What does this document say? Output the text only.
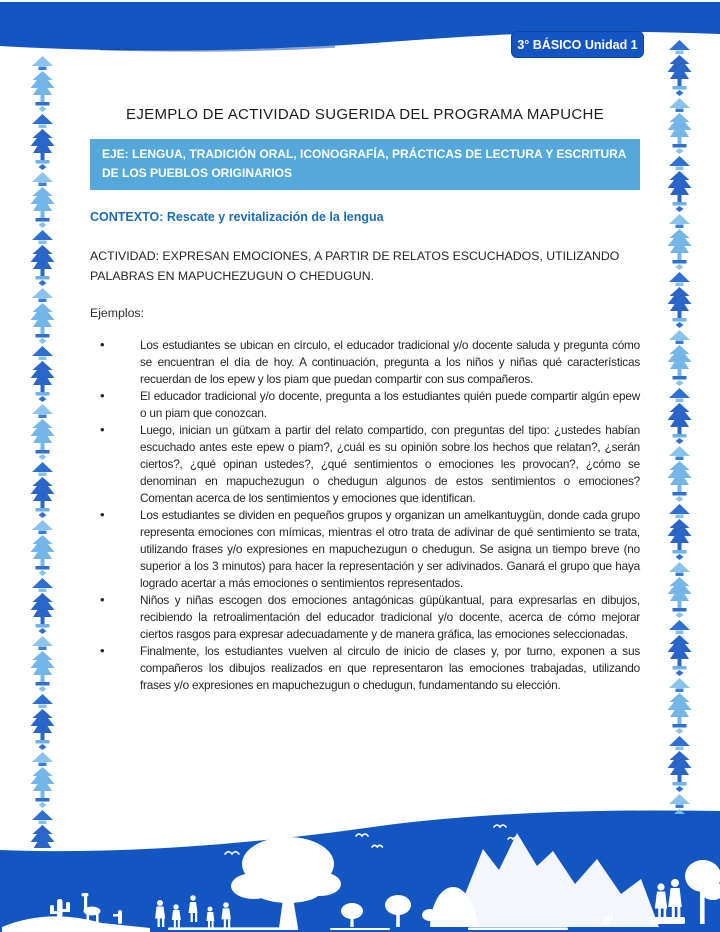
3° BÁSICO Unidad 1
EJEMPLO DE ACTIVIDAD SUGERIDA DEL PROGRAMA MAPUCHE
EJE: LENGUA, TRADICIÓN ORAL, ICONOGRAFÍA, PRÁCTICAS DE LECTURA Y ESCRITURA DE LOS PUEBLOS ORIGINARIOS
CONTEXTO: Rescate y revitalización de la lengua
ACTIVIDAD: EXPRESAN EMOCIONES, A PARTIR DE RELATOS ESCUCHADOS, UTILIZANDO PALABRAS EN MAPUCHEZUGUN O CHEDUGUN.
Ejemplos:
• Los estudiantes se ubican en círculo, el educador tradicional y/o docente saluda y pregunta cómo se encuentran el día de hoy. A continuación, pregunta a los niños y niñas qué características recuerdan de los epew y los piam que puedan compartir con sus compañeros.
• El educador tradicional y/o docente, pregunta a los estudiantes quién puede compartir algún epew o un piam que conozcan.
• Luego, inician un gütxam a partir del relato compartido, con preguntas del tipo: ¿ustedes habían escuchado antes este epew o piam?, ¿cuál es su opinión sobre los hechos que relatan?, ¿serán ciertos?, ¿qué opinan ustedes?, ¿qué sentimientos o emociones les provocan?, ¿cómo se denominan en mapuchezugun o chedugun algunos de estos sentimientos o emociones? Comentan acerca de los sentimientos y emociones que identifican.
• Los estudiantes se dividen en pequeños grupos y organizan un amelkantuygün, donde cada grupo representa emociones con mímicas, mientras el otro trata de adivinar de qué sentimiento se trata, utilizando frases y/o expresiones en mapuchezugun o chedugun. Se asigna un tiempo breve (no superior a los 3 minutos) para hacer la representación y ser adivinados. Ganará el grupo que haya logrado acertar a más emociones o sentimientos representados.
• Niños y niñas escogen dos emociones antagónicas güpükantual, para expresarlas en dibujos, recibiendo la retroalimentación del educador tradicional y/o docente, acerca de cómo mejorar ciertos rasgos para expresar adecuadamente y de manera gráfica, las emociones seleccionadas.
• Finalmente, los estudiantes vuelven al circulo de inicio de clases y, por turno, exponen a sus compañeros los dibujos realizados en que representaron las emociones trabajadas, utilizando frases y/o expresiones en mapuchezugun o chedugun, fundamentando su elección.
